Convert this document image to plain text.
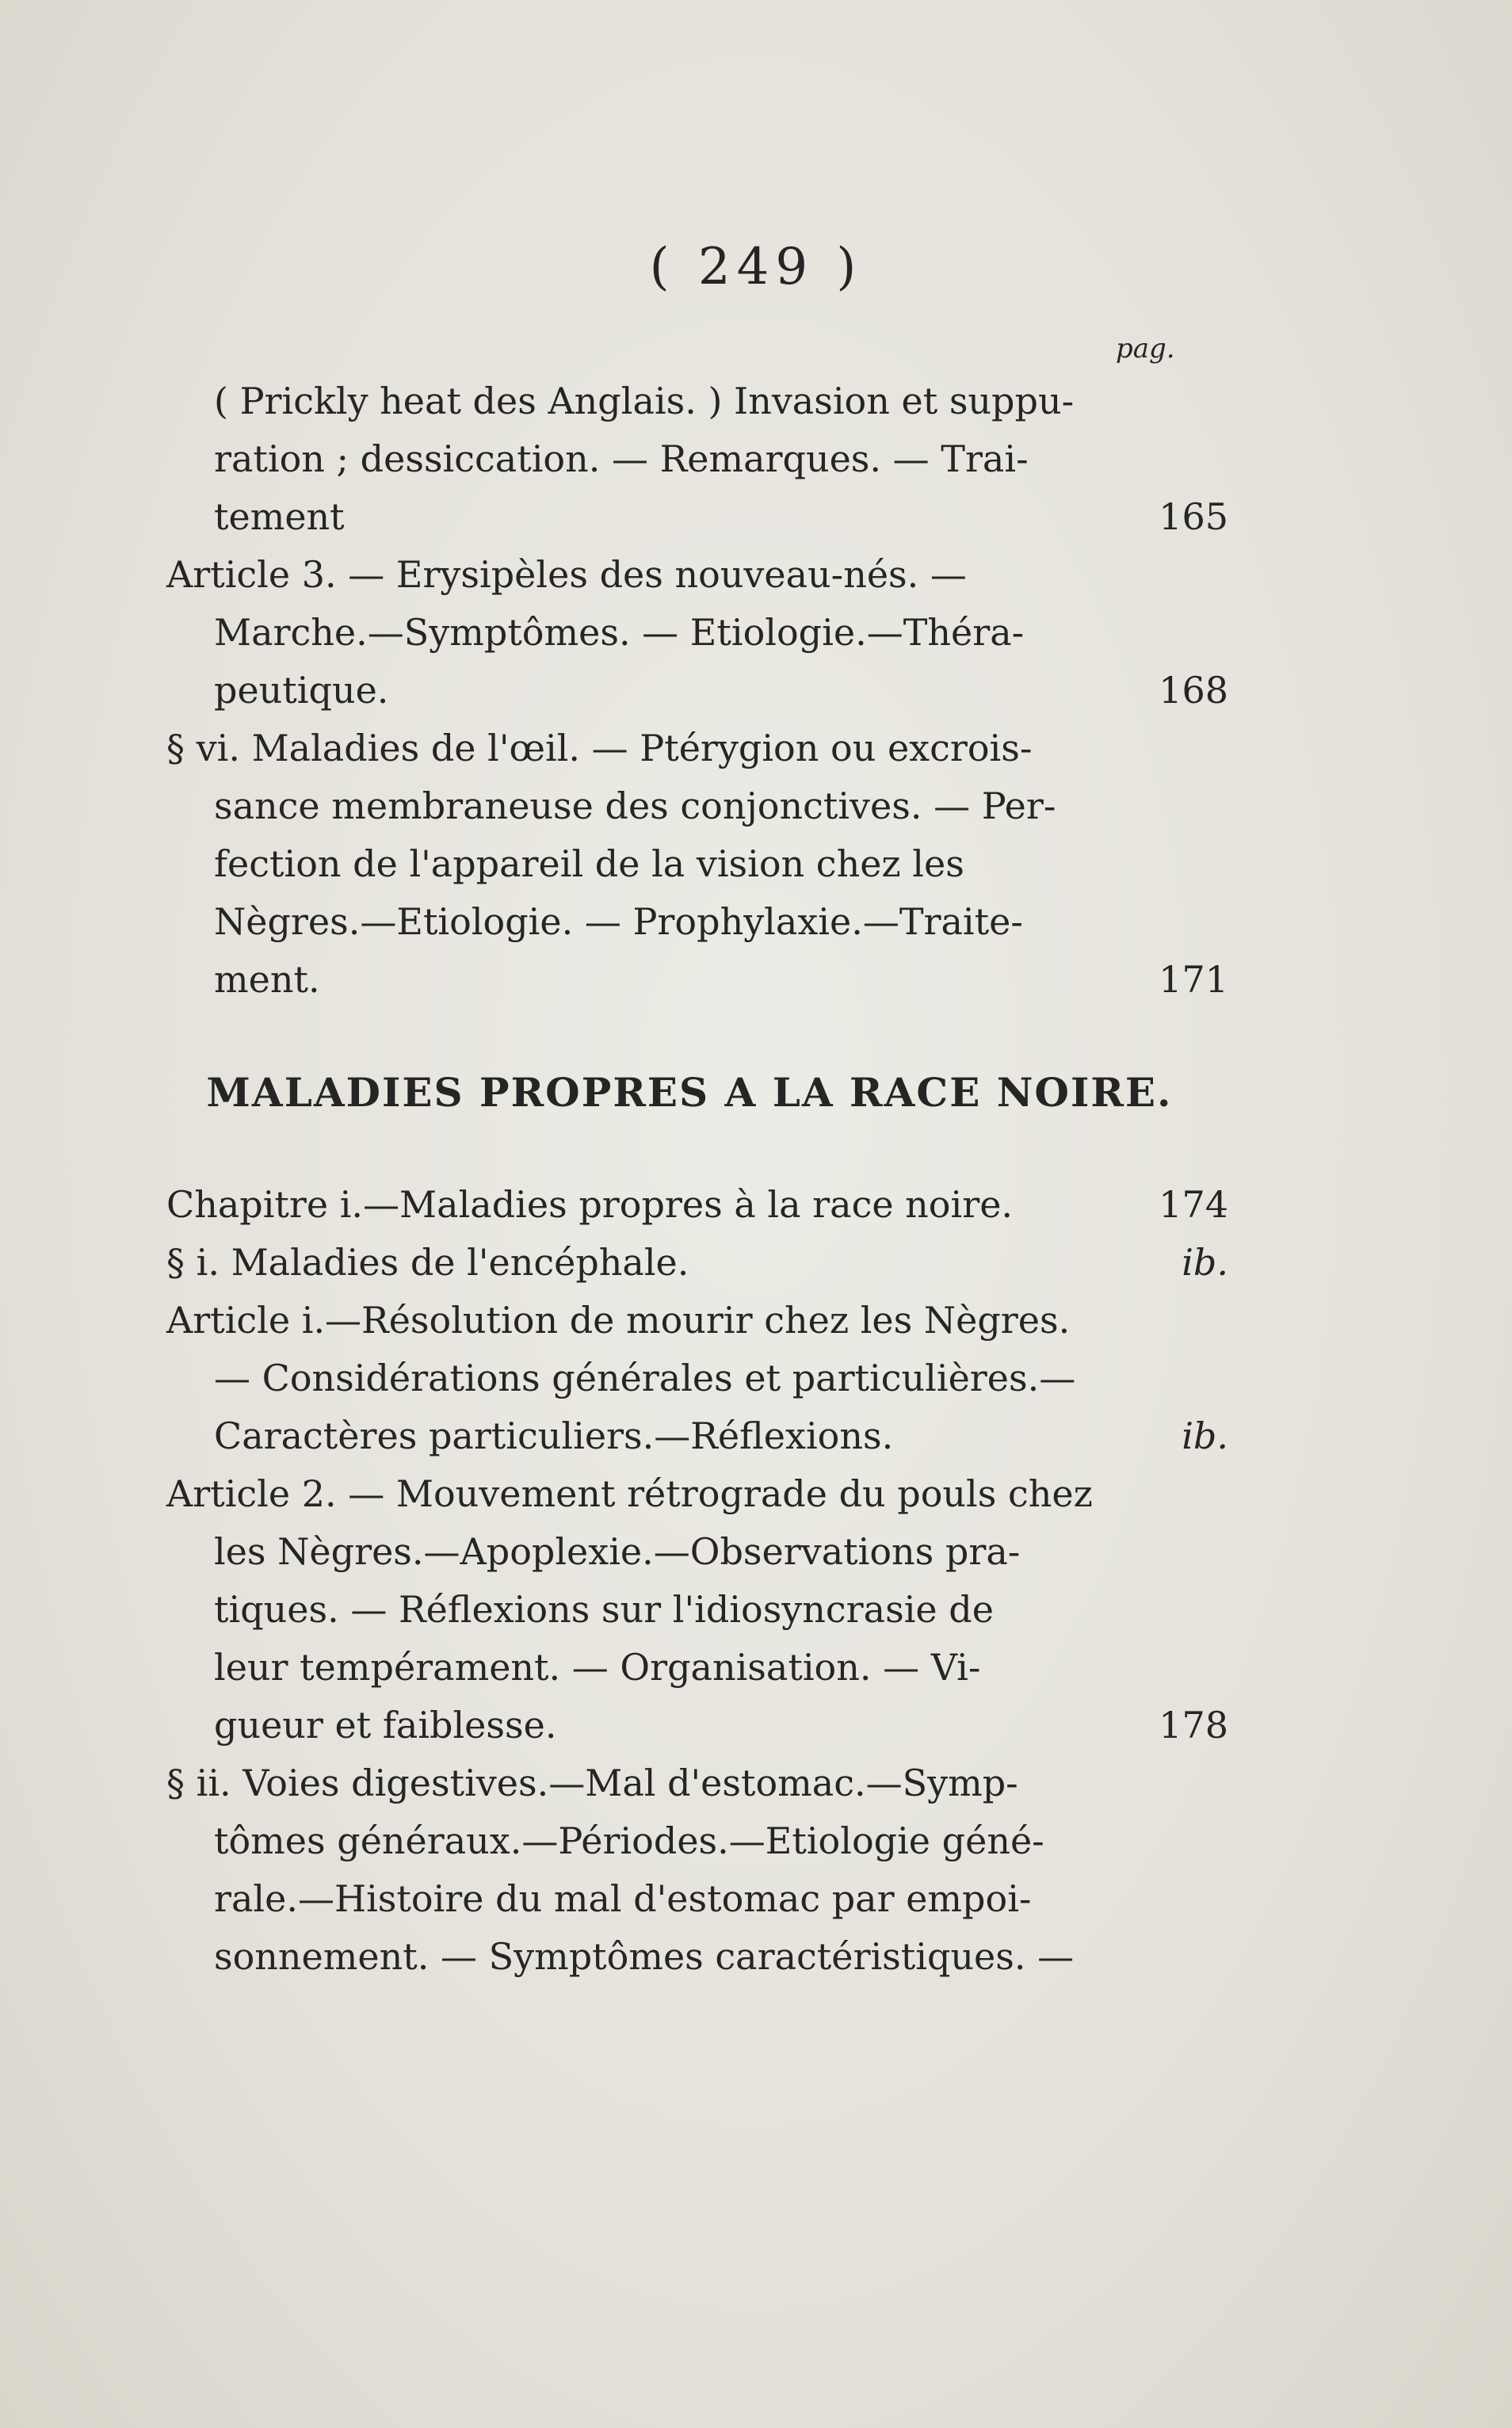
( 249 )
pag.
( Prickly heat des Anglais. ) Invasion et suppu-
ration ; dessiccation. — Remarques. — Trai-
tement	165
Article 3. — Erysipèles des nouveau-nés. —
Marche.—Symptômes. — Etiologie.—Théra-
peutique.	168
§ vi. Maladies de l'œil. — Ptérygion ou excrois-
sance membraneuse des conjonctives. — Per-
fection de l'appareil de la vision chez les
Nègres.—Etiologie. — Prophylaxie.—Traite-
ment.	171
MALADIES PROPRES A LA RACE NOIRE.
Chapitre i.—Maladies propres à la race noire.	174
§ i. Maladies de l'encéphale.	ib.
Article i.—Résolution de mourir chez les Nègres.
— Considérations générales et particulières.—
Caractères particuliers.—Réflexions.	ib.
Article 2. — Mouvement rétrograde du pouls chez
les Nègres.—Apoplexie.—Observations pra-
tiques. — Réflexions sur l'idiosyncrasie de
leur tempérament. — Organisation. — Vi-
gueur et faiblesse.	178
§ ii. Voies digestives.—Mal d'estomac.—Symp-
tômes généraux.—Périodes.—Etiologie géné-
rale.—Histoire du mal d'estomac par empoi-
sonnement. — Symptômes caractéristiques. —
